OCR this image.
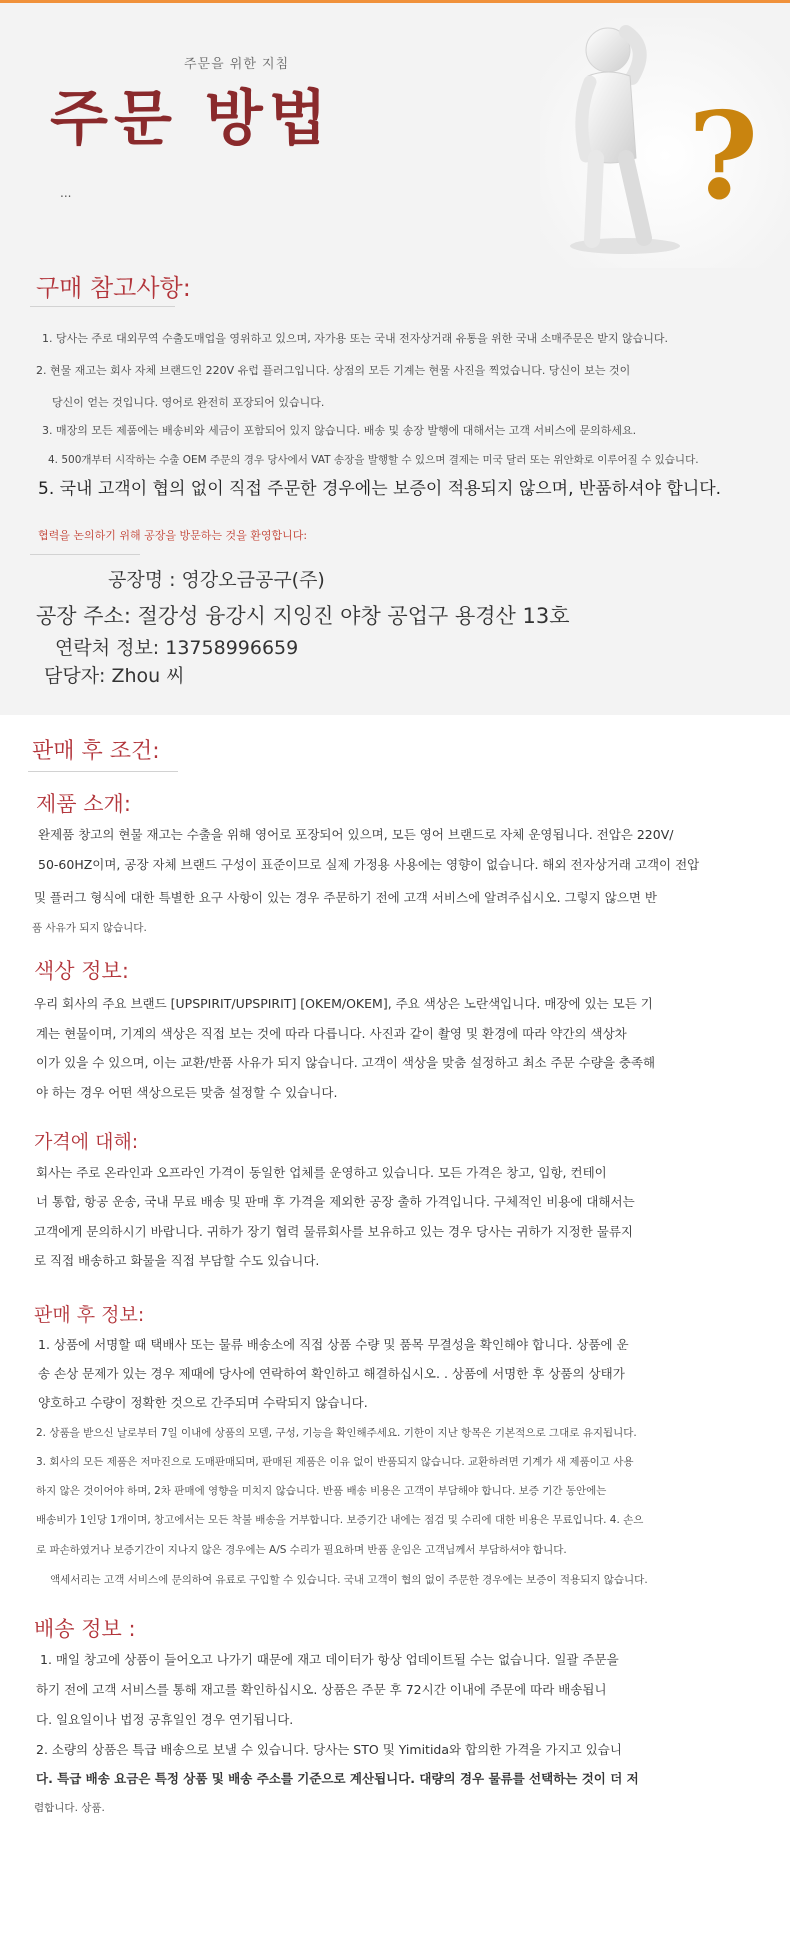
주문을 위한 지침
주문 방법
...	?
구매 참고사항:
1. 당사는 주로 대외무역 수출도매업을 영위하고 있으며, 자가용 또는 국내 전자상거래 유통을 위한 국내 소매주문은 받지 않습니다.
2. 현물 재고는 회사 자체 브랜드인 220V 유럽 플러그입니다. 상점의 모든 기계는 현물 사진을 찍었습니다. 당신이 보는 것이
당신이 얻는 것입니다. 영어로 완전히 포장되어 있습니다.
3. 매장의 모든 제품에는 배송비와 세금이 포함되어 있지 않습니다. 배송 및 송장 발행에 대해서는 고객 서비스에 문의하세요.
4. 500개부터 시작하는 수출 OEM 주문의 경우 당사에서 VAT 송장을 발행할 수 있으며 결제는 미국 달러 또는 위안화로 이루어질 수 있습니다.
5. 국내 고객이 협의 없이 직접 주문한 경우에는 보증이 적용되지 않으며, 반품하셔야 합니다.
협력을 논의하기 위해 공장을 방문하는 것을 환영합니다:
공장명 : 영강오금공구(주)
공장 주소: 절강성 융강시 지잉진 야창 공업구 용경산 13호
연락처 정보: 13758996659
담당자: Zhou 씨
판매 후 조건:
제품 소개:
완제품 창고의 현물 재고는 수출을 위해 영어로 포장되어 있으며, 모든 영어 브랜드로 자체 운영됩니다. 전압은 220V/
50-60HZ이며, 공장 자체 브랜드 구성이 표준이므로 실제 가정용 사용에는 영향이 없습니다. 해외 전자상거래 고객이 전압
및 플러그 형식에 대한 특별한 요구 사항이 있는 경우 주문하기 전에 고객 서비스에 알려주십시오. 그렇지 않으면 반
품 사유가 되지 않습니다.
색상 정보:
우리 회사의 주요 브랜드 [UPSPIRIT/UPSPIRIT] [OKEM/OKEM], 주요 색상은 노란색입니다. 매장에 있는 모든 기
계는 현물이며, 기계의 색상은 직접 보는 것에 따라 다릅니다. 사진과 같이 촬영 및 환경에 따라 약간의 색상차
이가 있을 수 있으며, 이는 교환/반품 사유가 되지 않습니다. 고객이 색상을 맞춤 설정하고 최소 주문 수량을 충족해
야 하는 경우 어떤 색상으로든 맞춤 설정할 수 있습니다.
가격에 대해:
회사는 주로 온라인과 오프라인 가격이 동일한 업체를 운영하고 있습니다. 모든 가격은 창고, 입항, 컨테이
너 통합, 항공 운송, 국내 무료 배송 및 판매 후 가격을 제외한 공장 출하 가격입니다. 구체적인 비용에 대해서는
고객에게 문의하시기 바랍니다. 귀하가 장기 협력 물류회사를 보유하고 있는 경우 당사는 귀하가 지정한 물류지
로 직접 배송하고 화물을 직접 부담할 수도 있습니다.
판매 후 정보:
1. 상품에 서명할 때 택배사 또는 물류 배송소에 직접 상품 수량 및 품목 무결성을 확인해야 합니다. 상품에 운
송 손상 문제가 있는 경우 제때에 당사에 연락하여 확인하고 해결하십시오. . 상품에 서명한 후 상품의 상태가
양호하고 수량이 정확한 것으로 간주되며 수락되지 않습니다.
2. 상품을 받으신 날로부터 7일 이내에 상품의 모델, 구성, 기능을 확인해주세요. 기한이 지난 항목은 기본적으로 그대로 유지됩니다.
3. 회사의 모든 제품은 저마진으로 도매판매되며, 판매된 제품은 이유 없이 반품되지 않습니다. 교환하려면 기계가 새 제품이고 사용
하지 않은 것이어야 하며, 2차 판매에 영향을 미치지 않습니다. 반품 배송 비용은 고객이 부담해야 합니다. 보증 기간 동안에는
배송비가 1인당 1개이며, 창고에서는 모든 착불 배송을 거부합니다. 보증기간 내에는 점검 및 수리에 대한 비용은 무료입니다. 4. 손으
로 파손하였거나 보증기간이 지나지 않은 경우에는 A/S 수리가 필요하며 반품 운임은 고객님께서 부담하셔야 합니다.
액세서리는 고객 서비스에 문의하여 유료로 구입할 수 있습니다. 국내 고객이 협의 없이 주문한 경우에는 보증이 적용되지 않습니다.
배송 정보 :
1. 매일 창고에 상품이 들어오고 나가기 때문에 재고 데이터가 항상 업데이트될 수는 없습니다. 일괄 주문을
하기 전에 고객 서비스를 통해 재고를 확인하십시오. 상품은 주문 후 72시간 이내에 주문에 따라 배송됩니
다. 일요일이나 법정 공휴일인 경우 연기됩니다.
2. 소량의 상품은 특급 배송으로 보낼 수 있습니다. 당사는 STO 및 Yimitida와 합의한 가격을 가지고 있습니
다. 특급 배송 요금은 특정 상품 및 배송 주소를 기준으로 계산됩니다. 대량의 경우 물류를 선택하는 것이 더 저
렴합니다. 상품.
